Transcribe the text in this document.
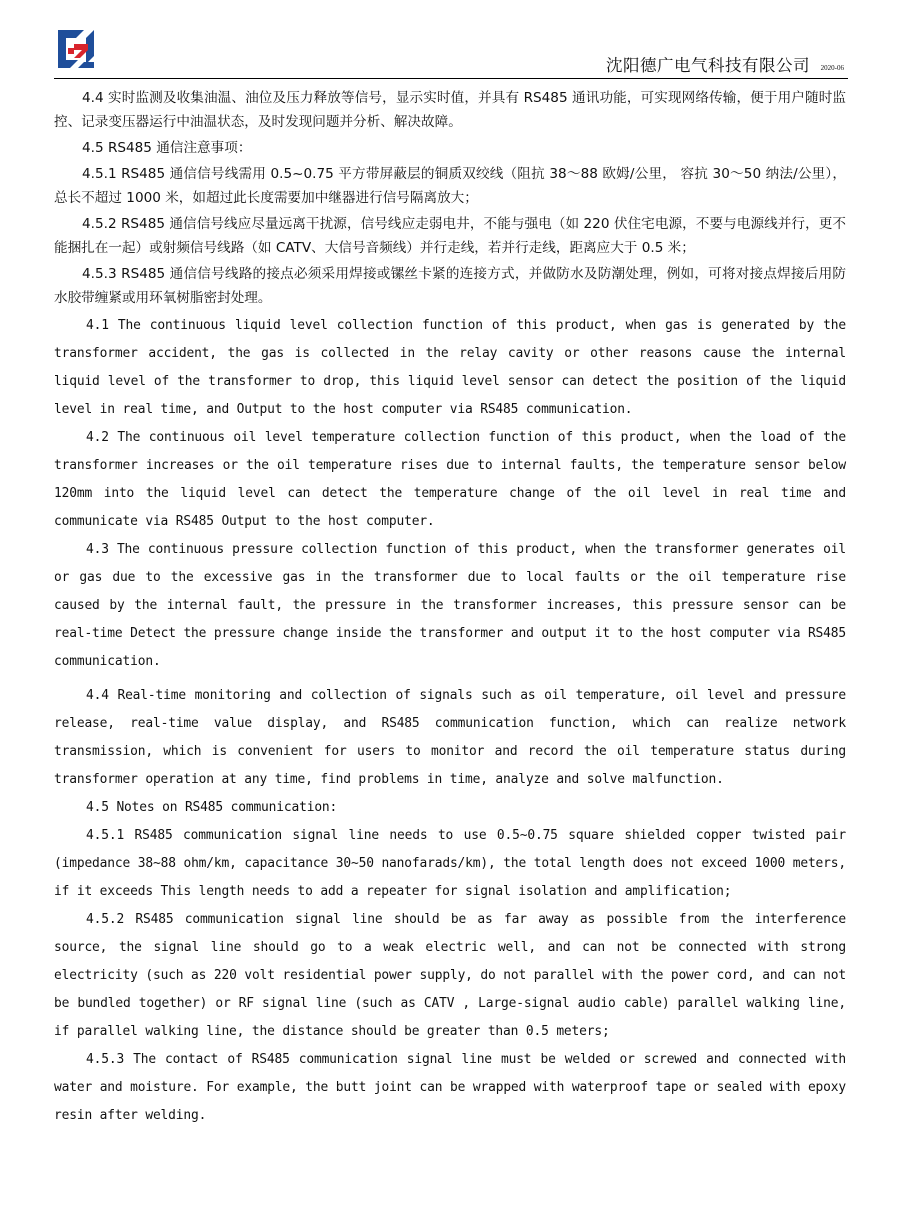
沈阳德广电气科技有限公司 2020-06

4.4 实时监测及收集油温、油位及压力释放等信号，显示实时值，并具有 RS485 通讯功能，可实现网络传输，便于用户随时监控、记录变压器运行中油温状态，及时发现问题并分析、解决故障。

4.5 RS485 通信注意事项：

4.5.1 RS485 通信信号线需用 0.5~0.75 平方带屏蔽层的铜质双绞线（阻抗 38～88 欧姆/公里， 容抗 30～50 纳法/公里），总长不超过 1000 米，如超过此长度需要加中继器进行信号隔离放大；

4.5.2 RS485 通信信号线应尽量远离干扰源，信号线应走弱电井，不能与强电（如 220 伏住宅电源，不要与电源线并行，更不能捆扎在一起）或射频信号线路（如 CATV、大信号音频线）并行走线，若并行走线，距离应大于 0.5 米；

4.5.3 RS485 通信信号线路的接点必须采用焊接或镙丝卡紧的连接方式，并做防水及防潮处理，例如，可将对接点焊接后用防水胶带缠紧或用环氧树脂密封处理。

4.1 The continuous liquid level collection function of this product, when gas is generated by the transformer accident, the gas is collected in the relay cavity or other reasons cause the internal liquid level of the transformer to drop, this liquid level sensor can detect the position of the liquid level in real time, and Output to the host computer via RS485 communication.

4.2 The continuous oil level temperature collection function of this product, when the load of the transformer increases or the oil temperature rises due to internal faults, the temperature sensor below 120mm into the liquid level can detect the temperature change of the oil level in real time and communicate via RS485 Output to the host computer.

4.3 The continuous pressure collection function of this product, when the transformer generates oil or gas due to the excessive gas in the transformer due to local faults or the oil temperature rise caused by the internal fault, the pressure in the transformer increases, this pressure sensor can be real-time Detect the pressure change inside the transformer and output it to the host computer via RS485 communication.

4.4 Real-time monitoring and collection of signals such as oil temperature, oil level and pressure release, real-time value display, and RS485 communication function, which can realize network transmission, which is convenient for users to monitor and record the oil temperature status during transformer operation at any time, find problems in time, analyze and solve malfunction.

4.5 Notes on RS485 communication:

4.5.1 RS485 communication signal line needs to use 0.5~0.75 square shielded copper twisted pair (impedance 38~88 ohm/km, capacitance 30~50 nanofarads/km), the total length does not exceed 1000 meters, if it exceeds This length needs to add a repeater for signal isolation and amplification;

4.5.2 RS485 communication signal line should be as far away as possible from the interference source, the signal line should go to a weak electric well, and can not be connected with strong electricity (such as 220 volt residential power supply, do not parallel with the power cord, and can not be bundled together) or RF signal line (such as CATV , Large-signal audio cable) parallel walking line, if parallel walking line, the distance should be greater than 0.5 meters;

4.5.3 The contact of RS485 communication signal line must be welded or screwed and connected with water and moisture. For example, the butt joint can be wrapped with waterproof tape or sealed with epoxy resin after welding.
